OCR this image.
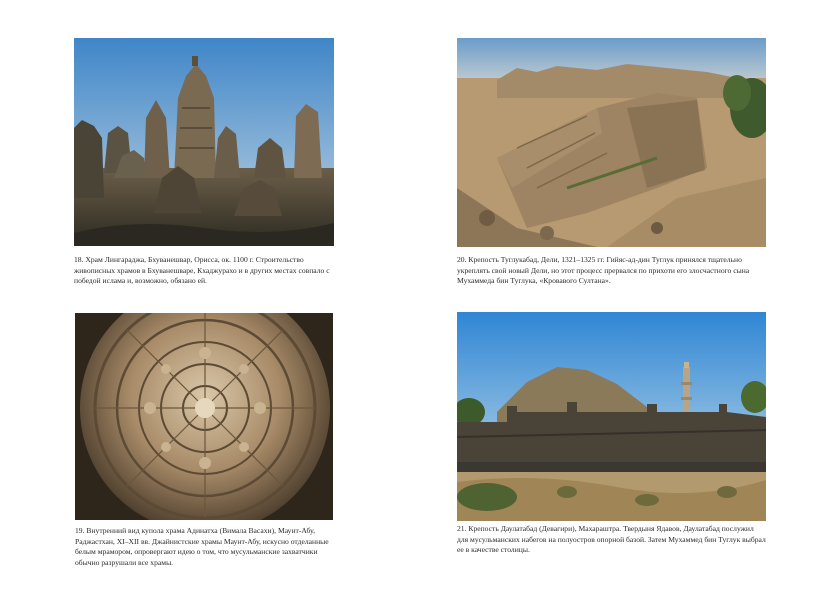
18. Храм Лингараджа, Бхуванешвар, Орисса, ок. 1100 г. Строительство живописных храмов в Бхуванешваре, Кхаджурахо и в других местах совпало с победой ислама и, возможно, обязано ей.

20. Крепость Туглукабад, Дели, 1321–1325 гг. Гийяс-ад-дин Туглук принялся тщательно укреплять свой новый Дели, но этот процесс прервался по прихоти его злосчастного сына Мухаммеда бин Туглука, «Кровавого Султана».

19. Внутренний вид купола храма Адинатха (Вимала Васахи), Маунт-Абу, Раджастхан, XI–XII вв. Джайнистские храмы Маунт-Абу, искусно отделанные белым мрамором, опровергают идею о том, что мусульманские захватчики обычно разрушали все храмы.

21. Крепость Даулатабад (Девагири), Махараштра. Твердыня Ядавов, Даулатабад послужил для мусульманских набегов на полуостров опорной базой. Затем Мухаммед бин Туглук выбрал ее в качестве столицы.
